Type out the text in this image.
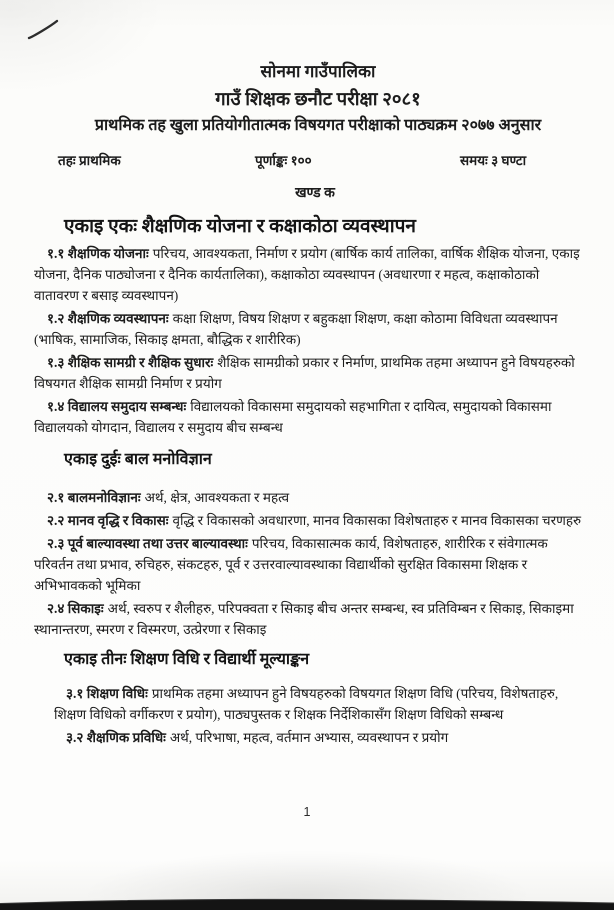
सोनमा गाउँपालिका
गाउँ शिक्षक छनौट परीक्षा २०८१
प्राथमिक तह खुला प्रतियोगीतात्मक विषयगत परीक्षाको पाठ्यक्रम २०७७ अनुसार
तहः प्राथमिक	पूर्णाङ्कः १००	समयः ३ घण्टा
खण्ड क
एकाइ एकः शैक्षणिक योजना र कक्षाकोठा व्यवस्थापन

१.१ शैक्षणिक योजनाः परिचय, आवश्यकता, निर्माण र प्रयोग (बार्षिक कार्य तालिका, वार्षिक शैक्षिक योजना, एकाइ योजना, दैनिक पाठ्योजना र दैनिक कार्यतालिका), कक्षाकोठा व्यवस्थापन (अवधारणा र महत्व, कक्षाकोठाको वातावरण र बसाइ व्यवस्थापन)

१.२ शैक्षणिक व्यवस्थापनः कक्षा शिक्षण, विषय शिक्षण र बहुकक्षा शिक्षण, कक्षा कोठामा विविधता व्यवस्थापन (भाषिक, सामाजिक, सिकाइ क्षमता, बौद्धिक र शारीरिक)

१.३ शैक्षिक सामग्री र शैक्षिक सुधारः शैक्षिक सामग्रीको प्रकार र निर्माण, प्राथमिक तहमा अध्यापन हुने विषयहरुको विषयगत शैक्षिक सामग्री निर्माण र प्रयोग

१.४ विद्यालय समुदाय सम्बन्धः विद्यालयको विकासमा समुदायको सहभागिता र दायित्व, समुदायको विकासमा विद्यालयको योगदान, विद्यालय र समुदाय बीच सम्बन्ध

एकाइ दुईः बाल मनोविज्ञान

२.१ बालमनोविज्ञानः अर्थ, क्षेत्र, आवश्यकता र महत्व

२.२ मानव वृद्धि र विकासः वृद्धि र विकासको अवधारणा, मानव विकासका विशेषताहरु र मानव विकासका चरणहरु

२.३ पूर्व बाल्यावस्था तथा उत्तर बाल्यावस्थाः परिचय, विकासात्मक कार्य, विशेषताहरु, शारीरिक र संवेगात्मक परिवर्तन तथा प्रभाव, रुचिहरु, संकटहरु, पूर्व र उत्तरवाल्यावस्थाका विद्यार्थीको सुरक्षित विकासमा शिक्षक र अभिभावकको भूमिका

२.४ सिकाइः अर्थ, स्वरुप र शैलीहरु, परिपक्वता र सिकाइ बीच अन्तर सम्बन्ध, स्व प्रतिविम्बन र सिकाइ, सिकाइमा स्थानान्तरण, स्मरण र विस्मरण, उत्प्रेरणा र सिकाइ

एकाइ तीनः शिक्षण विधि र विद्यार्थी मूल्याङ्कन

३.१ शिक्षण विधिः प्राथमिक तहमा अध्यापन हुने विषयहरुको विषयगत शिक्षण विधि (परिचय, विशेषताहरु, शिक्षण विधिको वर्गीकरण र प्रयोग), पाठ्यपुस्तक र शिक्षक निर्देशिकासँग शिक्षण विधिको सम्बन्ध

३.२ शैक्षणिक प्रविधिः अर्थ, परिभाषा, महत्व, वर्तमान अभ्यास, व्यवस्थापन र प्रयोग

1
